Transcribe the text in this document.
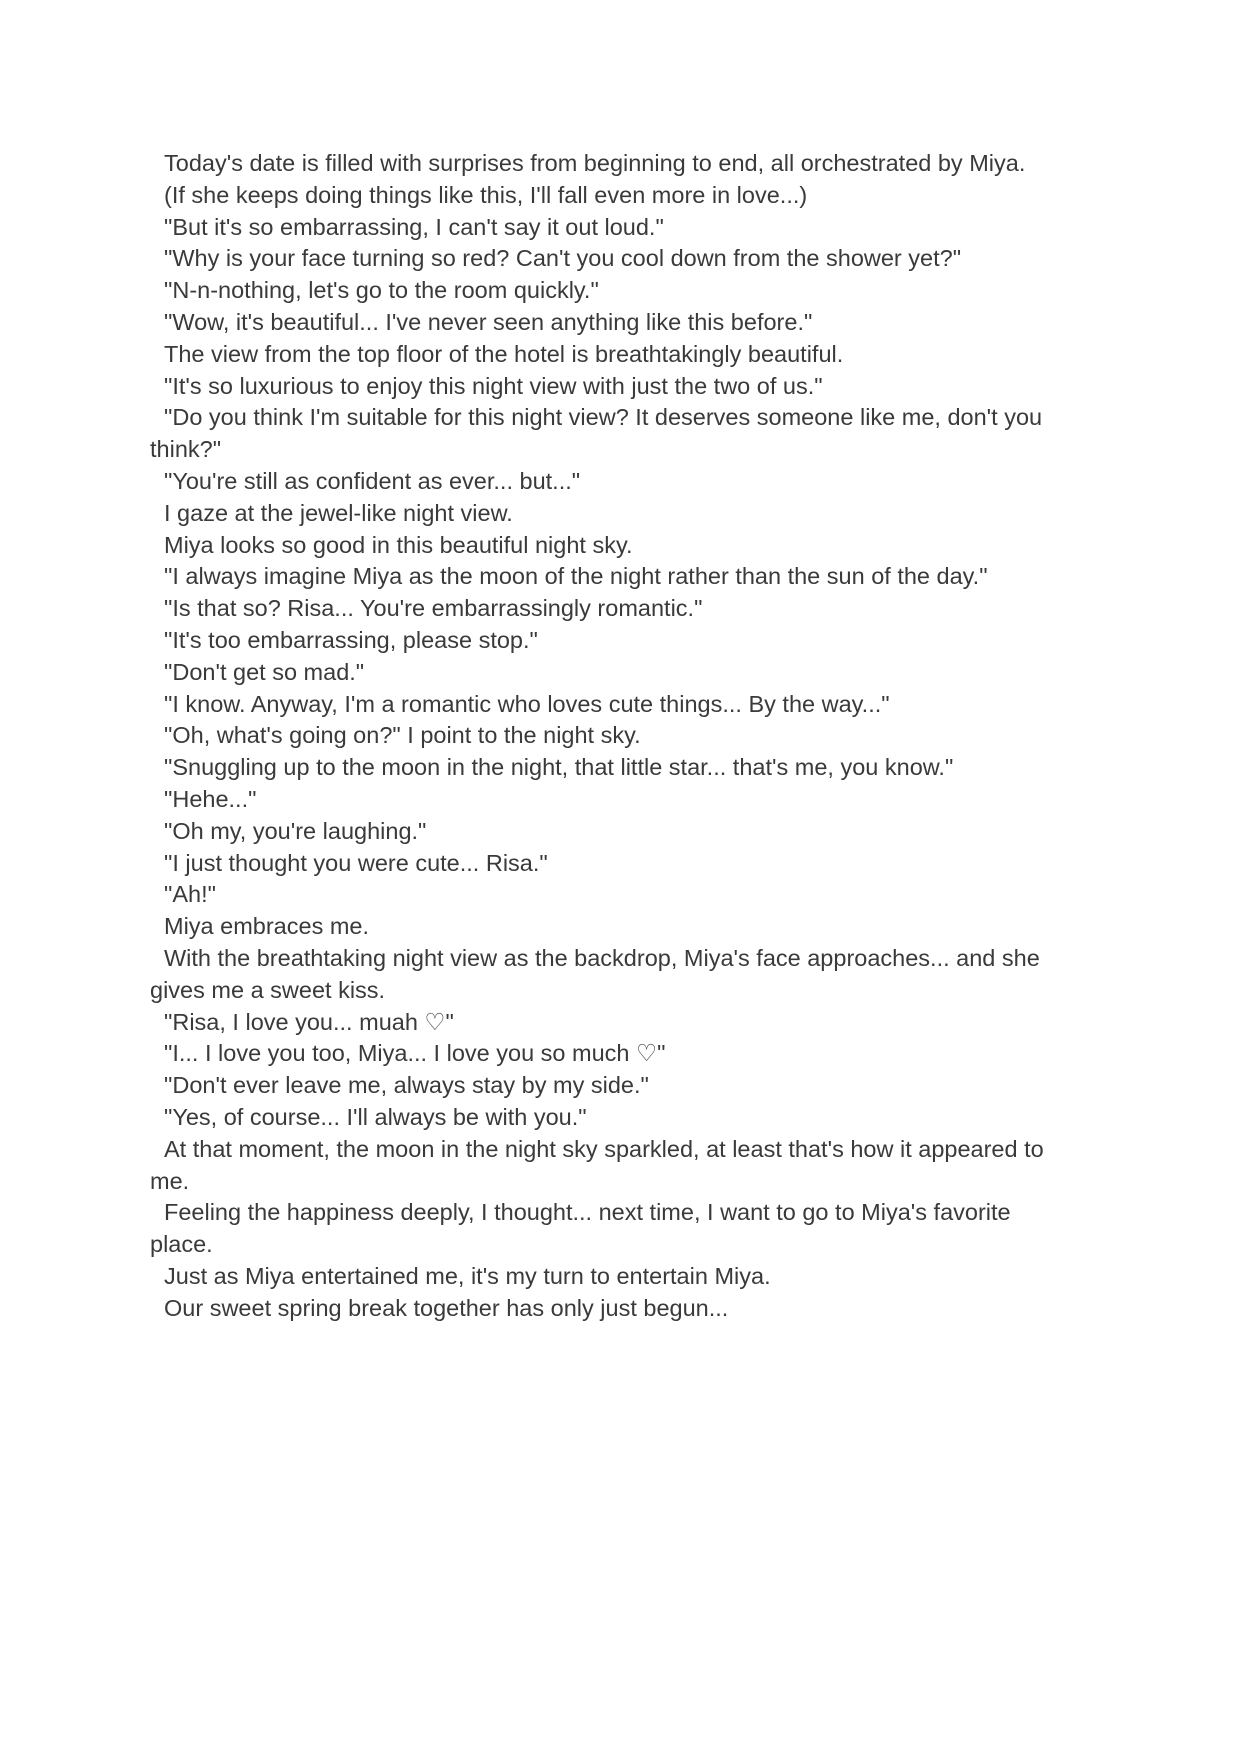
Today's date is filled with surprises from beginning to end, all orchestrated by Miya.

(If she keeps doing things like this, I'll fall even more in love...)

"But it's so embarrassing, I can't say it out loud."

"Why is your face turning so red? Can't you cool down from the shower yet?"

"N-n-nothing, let's go to the room quickly."

"Wow, it's beautiful... I've never seen anything like this before."

The view from the top floor of the hotel is breathtakingly beautiful.

"It's so luxurious to enjoy this night view with just the two of us."

"Do you think I'm suitable for this night view? It deserves someone like me, don't you think?"

"You're still as confident as ever... but..."

I gaze at the jewel-like night view.

Miya looks so good in this beautiful night sky.

"I always imagine Miya as the moon of the night rather than the sun of the day."

"Is that so? Risa... You're embarrassingly romantic."

"It's too embarrassing, please stop."

"Don't get so mad."

"I know. Anyway, I'm a romantic who loves cute things... By the way..."

"Oh, what's going on?" I point to the night sky.

"Snuggling up to the moon in the night, that little star... that's me, you know."

"Hehe..."

"Oh my, you're laughing."

"I just thought you were cute... Risa."

"Ah!"

Miya embraces me.

With the breathtaking night view as the backdrop, Miya's face approaches... and she gives me a sweet kiss.

"Risa, I love you... muah ♡"

"I... I love you too, Miya... I love you so much ♡"

"Don't ever leave me, always stay by my side."

"Yes, of course... I'll always be with you."

At that moment, the moon in the night sky sparkled, at least that's how it appeared to me.

Feeling the happiness deeply, I thought... next time, I want to go to Miya's favorite place.

Just as Miya entertained me, it's my turn to entertain Miya.

Our sweet spring break together has only just begun...
